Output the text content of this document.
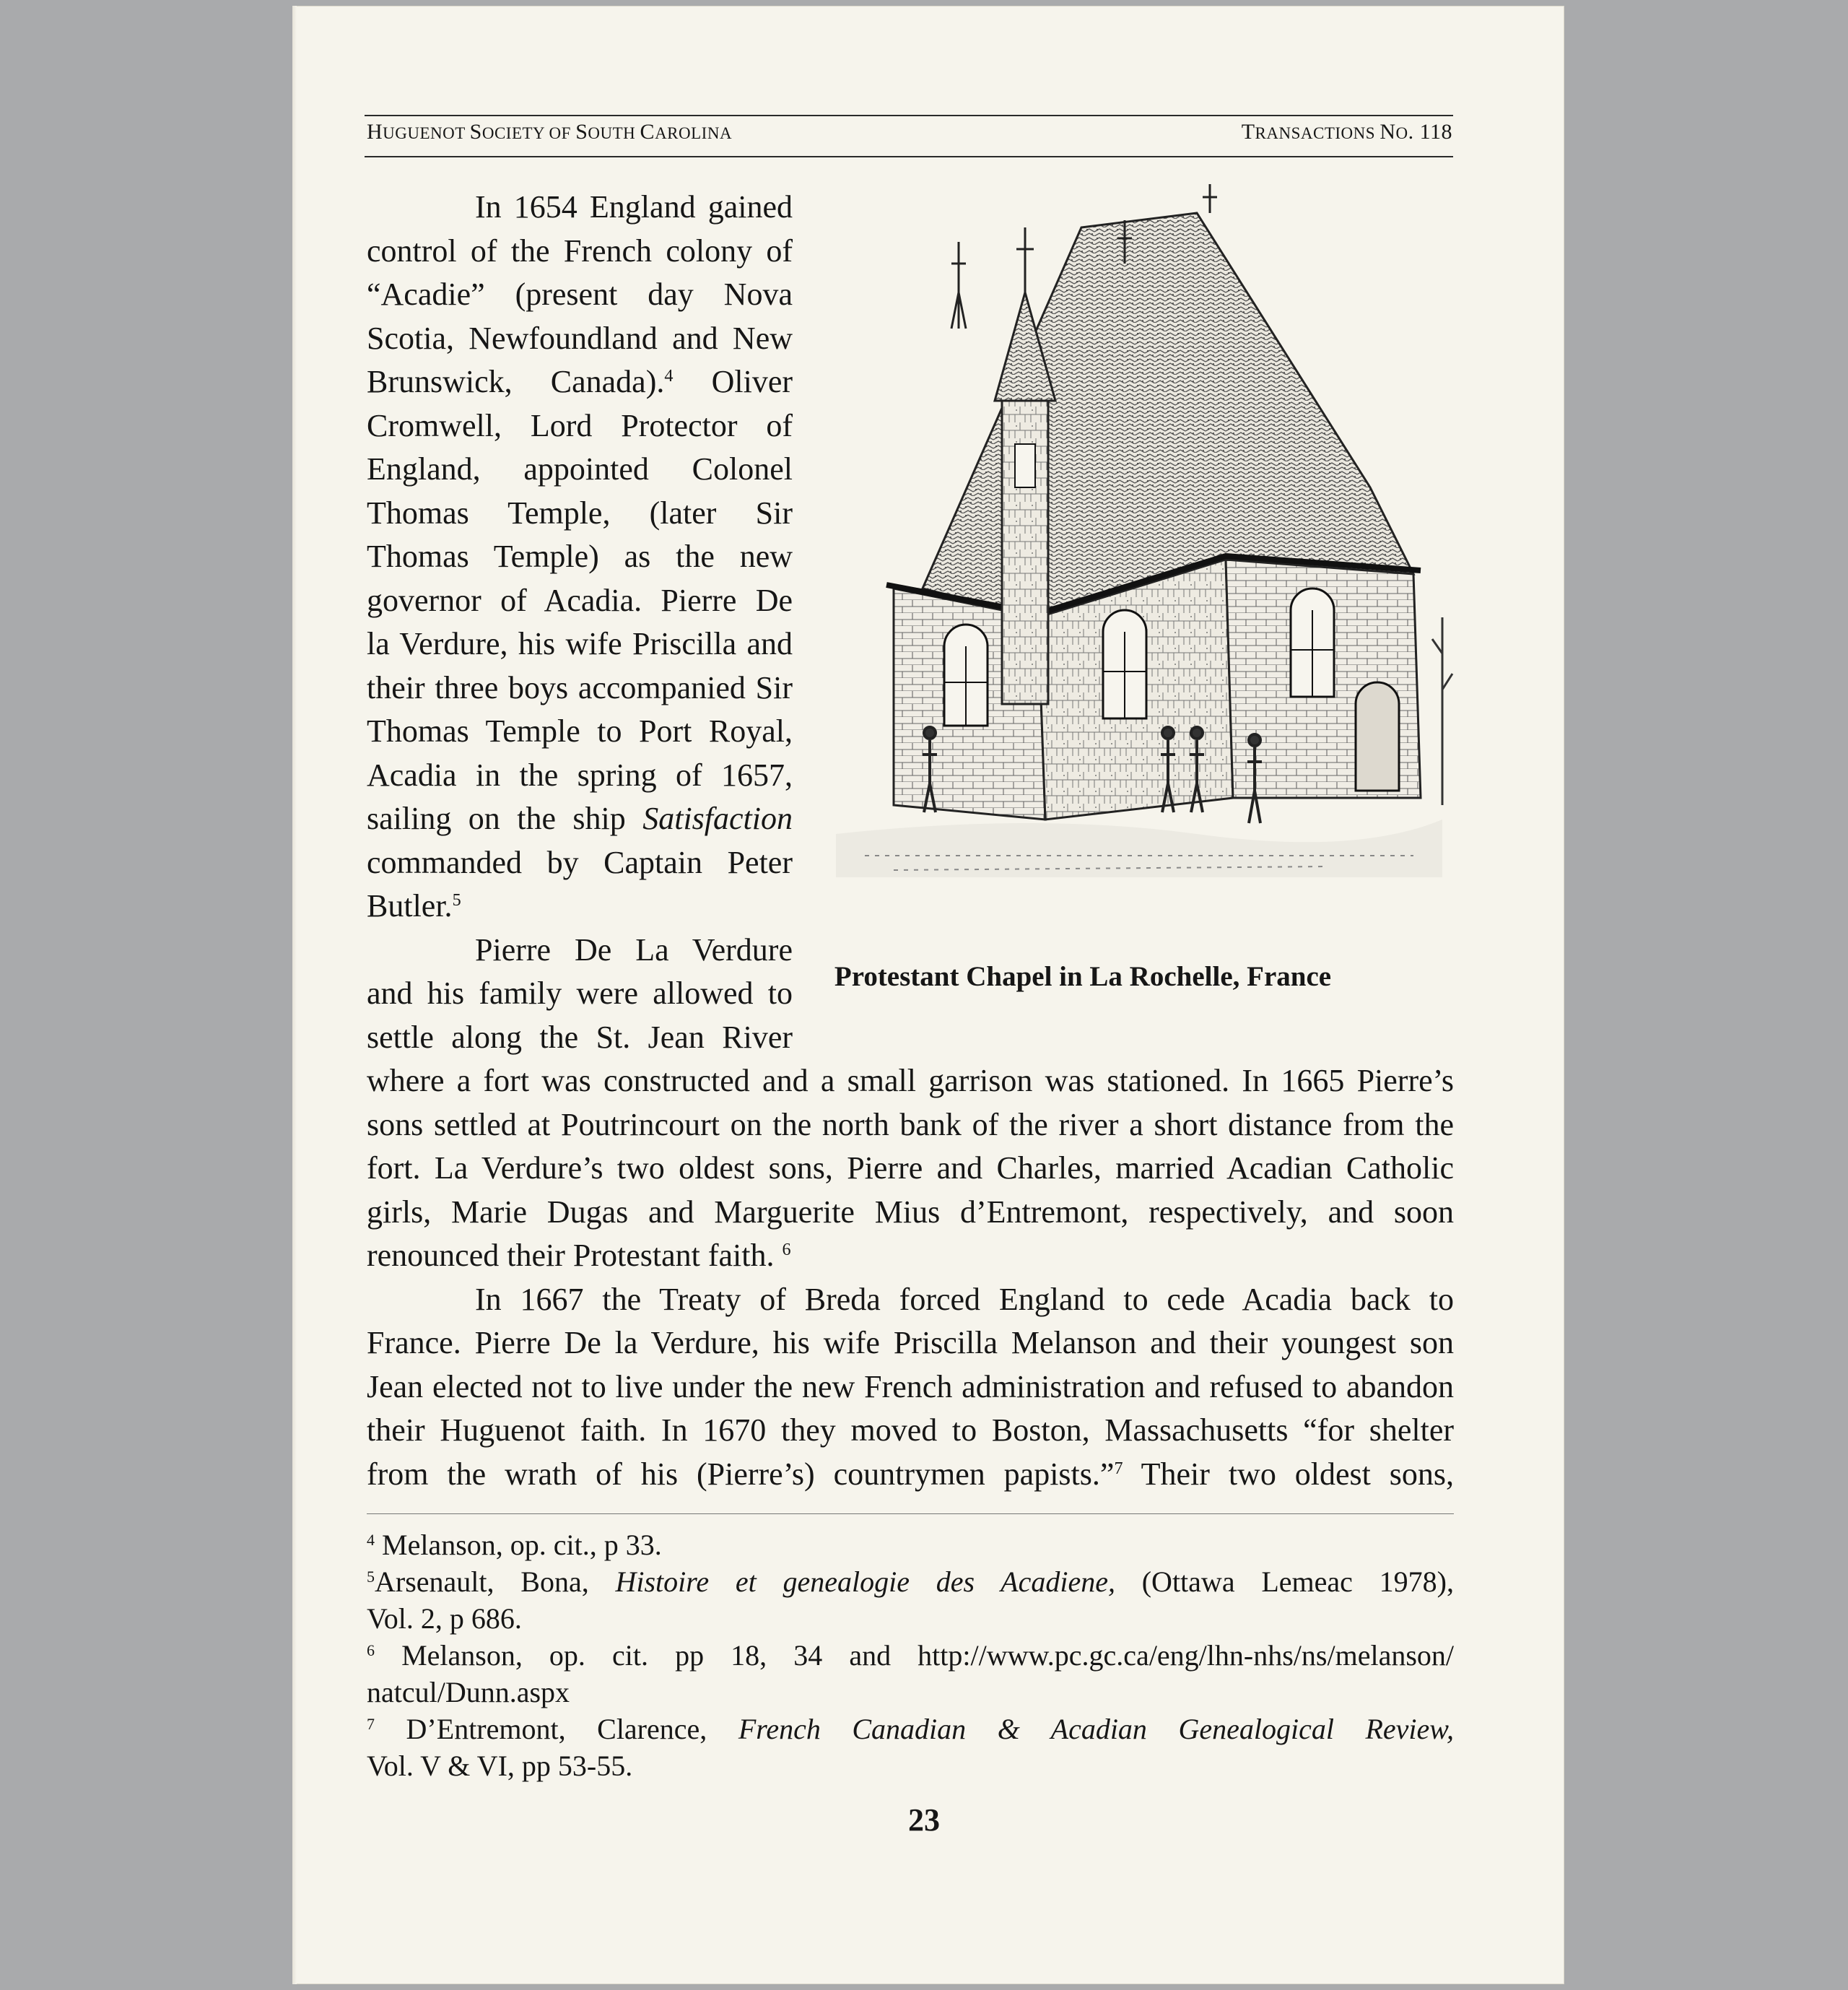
HUGUENOT SOCIETY OF SOUTH CAROLINA	TRANSACTIONS NO. 118
In 1654 England gained
control of the French colony of
“Acadie” (present day Nova
Scotia, Newfoundland and New
Brunswick, Canada).$^4$ Oliver
Cromwell, Lord Protector of
England, appointed Colonel
Thomas Temple, (later Sir
Thomas Temple) as the new
governor of Acadia. Pierre De
la Verdure, his wife Priscilla and
their three boys accompanied Sir
Thomas Temple to Port Royal,
Acadia in the spring of 1657,
sailing on the ship Satisfaction
commanded by Captain Peter
Butler.$^5$
Pierre De La Verdure
and his family were allowed to
settle along the St. Jean River
Protestant Chapel in La Rochelle, France
where a fort was constructed and a small garrison was stationed. In 1665 Pierre’s
sons settled at Poutrincourt on the north bank of the river a short distance from the
fort. La Verdure’s two oldest sons, Pierre and Charles, married Acadian Catholic
girls, Marie Dugas and Marguerite Mius d’Entremont, respectively, and soon
renounced their Protestant faith. $^6$
In 1667 the Treaty of Breda forced England to cede Acadia back to
France. Pierre De la Verdure, his wife Priscilla Melanson and their youngest son
Jean elected not to live under the new French administration and refused to abandon
their Huguenot faith. In 1670 they moved to Boston, Massachusetts “for shelter
from the wrath of his (Pierre’s) countrymen papists.”$^7$ Their two oldest sons,
$^4$ Melanson, op. cit., p 33.
$^5$Arsenault, Bona, Histoire et genealogie des Acadiene, (Ottawa Lemeac 1978),
Vol. 2, p 686.
$^6$ Melanson, op. cit. pp 18, 34 and http://www.pc.gc.ca/eng/lhn-nhs/ns/melanson/
natcul/Dunn.aspx
$^7$ D’Entremont, Clarence, French Canadian & Acadian Genealogical Review,
Vol. V & VI, pp 53-55.
23
